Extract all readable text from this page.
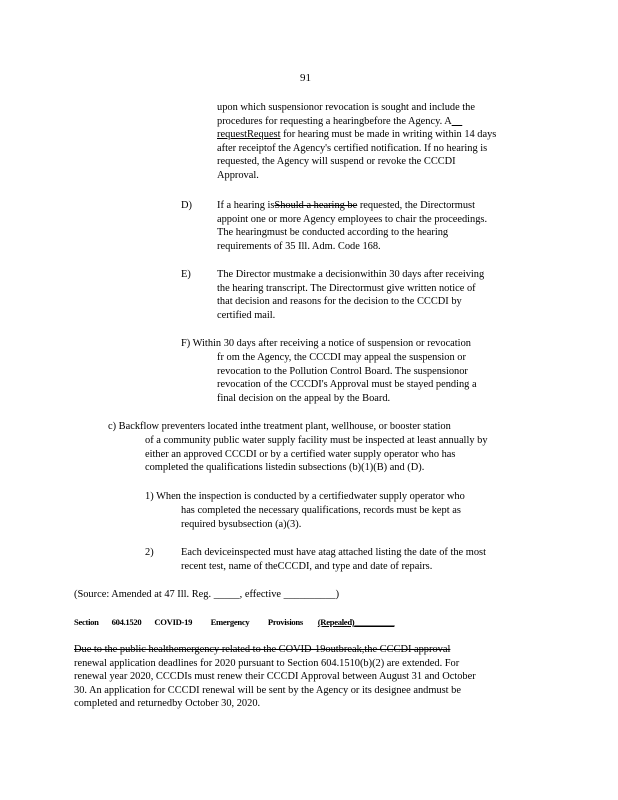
91
upon which suspensionor revocation is sought and include the
procedures for requesting a hearingbefore the Agency. A__
requestRequest for hearing must be made in writing within 14 days
after receiptof the Agency's certified notification. If no hearing is
requested, the Agency will suspend or revoke the CCCDI
Approval.
D) If a hearing isShould a hearing be requested, the Directormust
appoint one or more Agency employees to chair the proceedings.
The hearingmust be conducted according to the hearing
requirements of 35 Ill. Adm. Code 168.
E)	The Director mustmake a decisionwithin 30 days after receiving
the hearing transcript. The Directormust give written notice of
that decision and reasons for the decision to the CCCDI by
certified mail.
F) Within 30 days after receiving a notice of suspension or revocation
fr om the Agency, the CCCDI may appeal the suspension or
revocation to the Pollution Control Board. The suspensionor
revocation of the CCCDI's Approval must be stayed pending a
final decision on the appeal by the Board.
c) Backflow preventers located inthe treatment plant, wellhouse, or booster station
of a community public water supply facility must be inspected at least annually by
either an approved CCCDI or by a certified water supply operator who has
completed the qualifications listedin subsections (b)(1)(B) and (D).
1) When the inspection is conducted by a certifiedwater supply operator who
has completed the necessary qualifications, records must be kept as
required bysubsection (a)(3).
2)	Each deviceinspected must have atag attached listing the date of the most
recent test, name of theCCCDI, and type and date of repairs.
(Source: Amended at 47 Ill. Reg. _____, effective __________)
Section 604.1520 COVID-19 Emergency Provisions (Repealed)__________
Due to the public healthemergency related to the COVID-19outbreak,the CCCDI approval
renewal application deadlines for 2020 pursuant to Section 604.1510(b)(2) are extended. For
renewal year 2020, CCCDIs must renew their CCCDI Approval between August 31 and October
30. An application for CCCDI renewal will be sent by the Agency or its designee andmust be
completed and returnedby October 30, 2020.
